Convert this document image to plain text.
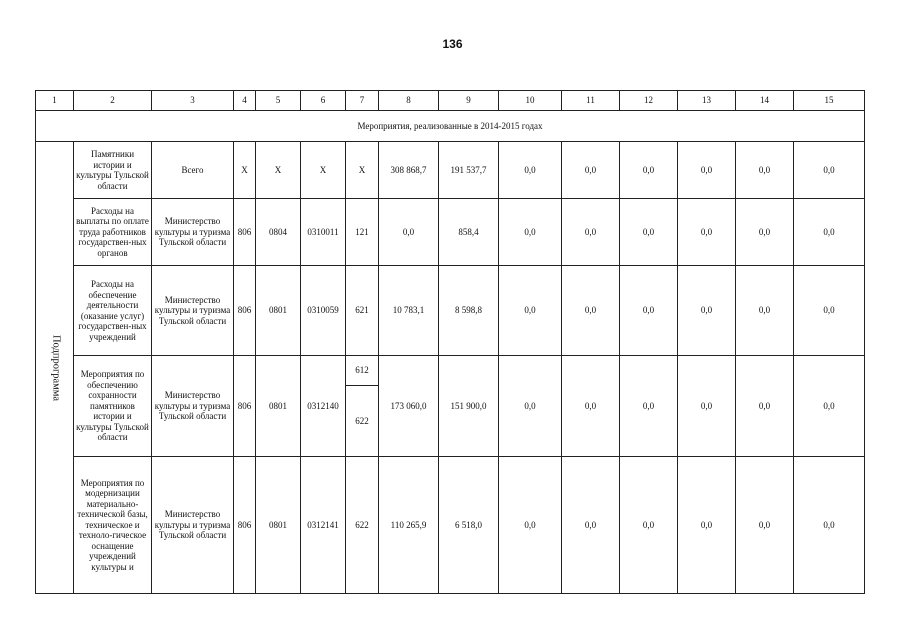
136
1	2	3	4	5	6	7	8	9	10	11	12	13	14	15
Мероприятия, реализованные в 2014-2015 годах														

Подпрограмма	Памятники истории и культуры Тульской области	Всего	X	X	X	X	308 868,7	191 537,7	0,0	0,0	0,0	0,0	0,0	0,0
	Расходы на выплаты по оплате труда работников государствен-ных органов	Министерство культуры и туризма Тульской области	806	0804	0310011	121	0,0	858,4	0,0	0,0	0,0	0,0	0,0	0,0
	Расходы на обеспечение деятельности (оказание услуг) государствен-ных учреждений	Министерство культуры и туризма Тульской области	806	0801	0310059	621	10 783,1	8 598,8	0,0	0,0	0,0	0,0	0,0	0,0
	Мероприятия по обеспечению сохранности памятников истории и культуры Тульской области	Министерство культуры и туризма Тульской области	806	0801	0312140	612	173 060,0	151 900,0	0,0	0,0	0,0	0,0	0,0	0,0
						622								
	Мероприятия по модернизации материально-технической базы, техническое и техноло-гическое оснащение учреждений культуры и	Министерство культуры и туризма Тульской области	806	0801	0312141	622	110 265,9	6 518,0	0,0	0,0	0,0	0,0	0,0	0,0
